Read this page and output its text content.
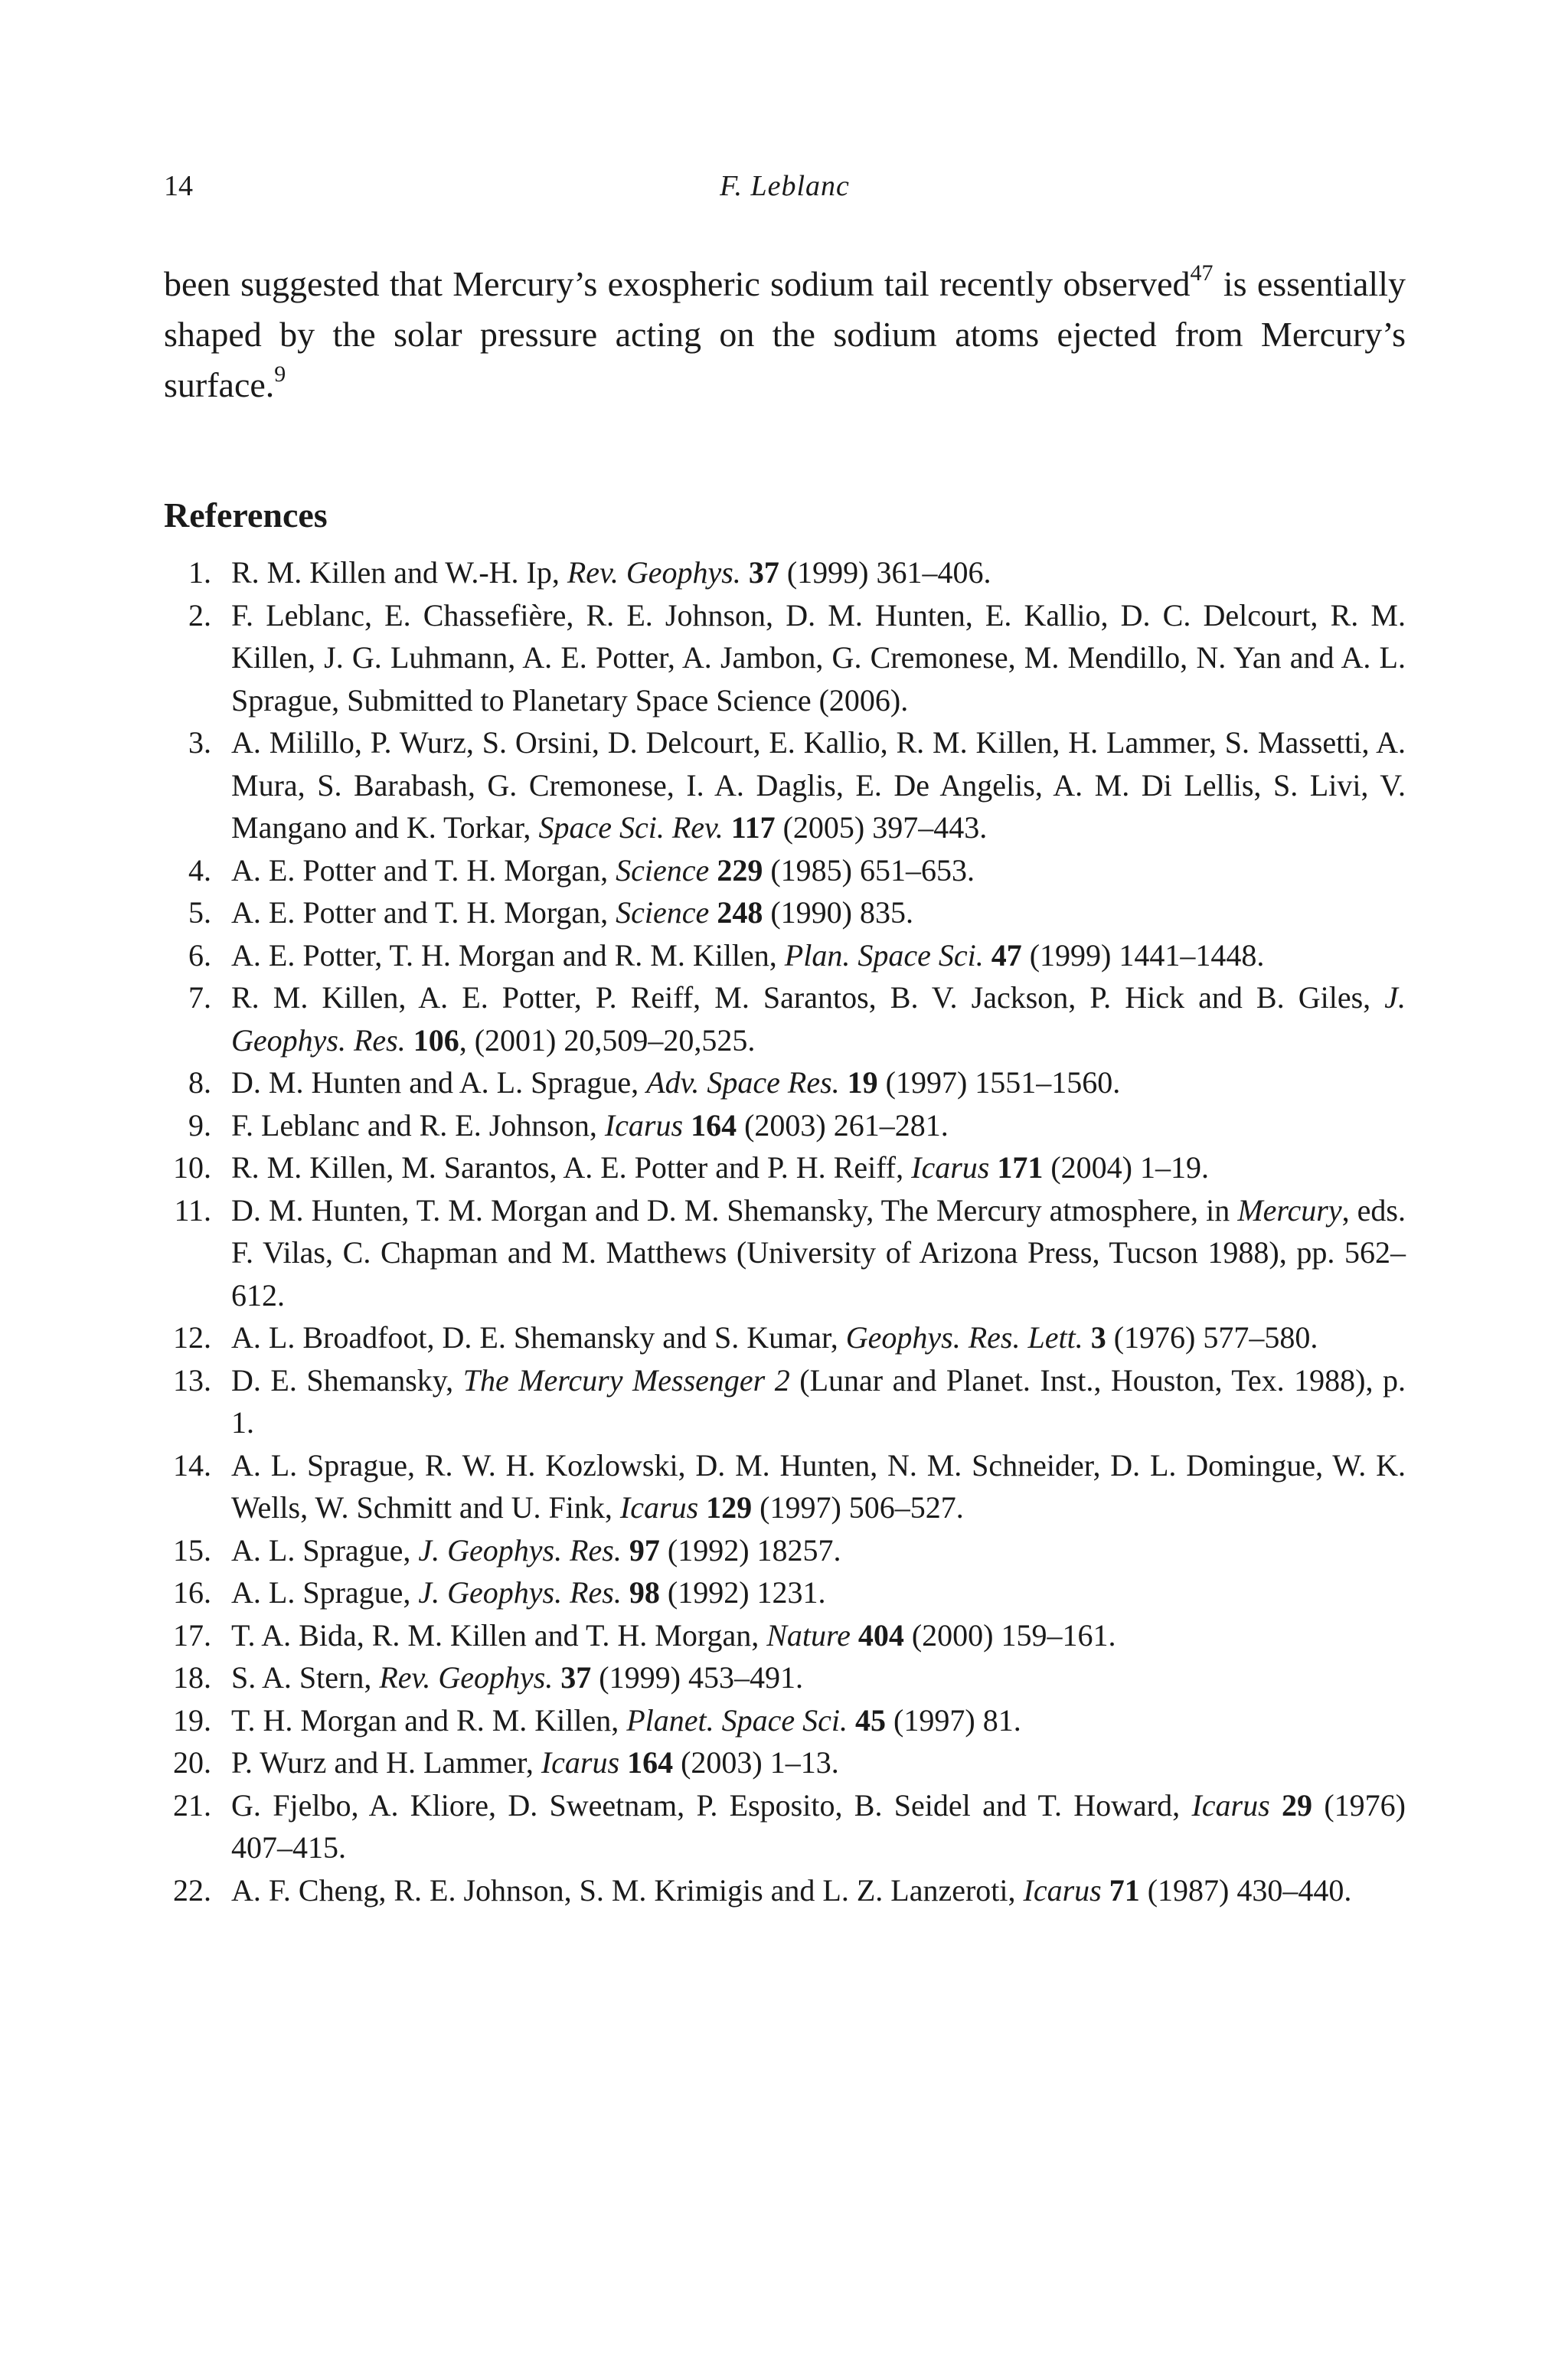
14	F. Leblanc

been suggested that Mercury’s exospheric sodium tail recently observed$^{47}$ is essentially shaped by the solar pressure acting on the sodium atoms ejected from Mercury’s surface.$^9$

References
1. R. M. Killen and W.-H. Ip, Rev. Geophys. 37 (1999) 361–406.
2. F. Leblanc, E. Chassefière, R. E. Johnson, D. M. Hunten, E. Kallio, D. C. Delcourt, R. M. Killen, J. G. Luhmann, A. E. Potter, A. Jambon, G. Cremonese, M. Mendillo, N. Yan and A. L. Sprague, Submitted to Planetary Space Science (2006).
3. A. Milillo, P. Wurz, S. Orsini, D. Delcourt, E. Kallio, R. M. Killen, H. Lammer, S. Massetti, A. Mura, S. Barabash, G. Cremonese, I. A. Daglis, E. De Angelis, A. M. Di Lellis, S. Livi, V. Mangano and K. Torkar, Space Sci. Rev. 117 (2005) 397–443.
4. A. E. Potter and T. H. Morgan, Science 229 (1985) 651–653.
5. A. E. Potter and T. H. Morgan, Science 248 (1990) 835.
6. A. E. Potter, T. H. Morgan and R. M. Killen, Plan. Space Sci. 47 (1999) 1441–1448.
7. R. M. Killen, A. E. Potter, P. Reiff, M. Sarantos, B. V. Jackson, P. Hick and B. Giles, J. Geophys. Res. 106, (2001) 20,509–20,525.
8. D. M. Hunten and A. L. Sprague, Adv. Space Res. 19 (1997) 1551–1560.
9. F. Leblanc and R. E. Johnson, Icarus 164 (2003) 261–281.
10. R. M. Killen, M. Sarantos, A. E. Potter and P. H. Reiff, Icarus 171 (2004) 1–19.
11. D. M. Hunten, T. M. Morgan and D. M. Shemansky, The Mercury atmosphere, in Mercury, eds. F. Vilas, C. Chapman and M. Matthews (University of Arizona Press, Tucson 1988), pp. 562–612.
12. A. L. Broadfoot, D. E. Shemansky and S. Kumar, Geophys. Res. Lett. 3 (1976) 577–580.
13. D. E. Shemansky, The Mercury Messenger 2 (Lunar and Planet. Inst., Houston, Tex. 1988), p. 1.
14. A. L. Sprague, R. W. H. Kozlowski, D. M. Hunten, N. M. Schneider, D. L. Domingue, W. K. Wells, W. Schmitt and U. Fink, Icarus 129 (1997) 506–527.
15. A. L. Sprague, J. Geophys. Res. 97 (1992) 18257.
16. A. L. Sprague, J. Geophys. Res. 98 (1992) 1231.
17. T. A. Bida, R. M. Killen and T. H. Morgan, Nature 404 (2000) 159–161.
18. S. A. Stern, Rev. Geophys. 37 (1999) 453–491.
19. T. H. Morgan and R. M. Killen, Planet. Space Sci. 45 (1997) 81.
20. P. Wurz and H. Lammer, Icarus 164 (2003) 1–13.
21. G. Fjelbo, A. Kliore, D. Sweetnam, P. Esposito, B. Seidel and T. Howard, Icarus 29 (1976) 407–415.
22. A. F. Cheng, R. E. Johnson, S. M. Krimigis and L. Z. Lanzeroti, Icarus 71 (1987) 430–440.
